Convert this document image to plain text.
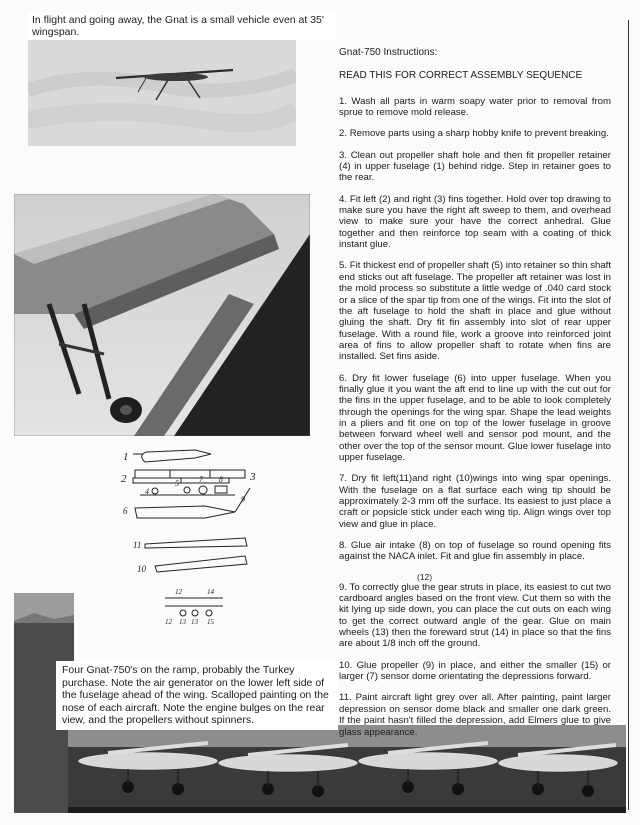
In flight and going away, the Gnat is a small vehicle even at 35' wingspan.
1
2	3
4
5	7 8
9
6
11
10
12	14
12 13 13 15
Four Gnat-750's on the ramp, probably the Turkey purchase. Note the air generator on the lower left side of the fuselage ahead of the wing. Scalloped painting on the nose of each aircraft. Note the engine bulges on the rear view, and the propellers without spinners.

Gnat-750 Instructions:

READ THIS FOR CORRECT ASSEMBLY SEQUENCE

1. Wash all parts in warm soapy water prior to removal from sprue to remove mold release.

2. Remove parts using a sharp hobby knife to prevent breaking.

3. Clean out propeller shaft hole and then fit propeller retainer (4) in upper fuselage (1) behind ridge. Step in retainer goes to the rear.

4. Fit left (2) and right (3) fins together. Hold over top drawing to make sure you have the right aft sweep to them, and overhead view to make sure your have the correct anhedral. Glue together and then reinforce top seam with a coating of thick instant glue.

5. Fit thickest end of propeller shaft (5) into retainer so thin shaft end sticks out aft fuselage. The propeller aft retainer was lost in the mold process so substitute a little wedge of .040 card stock or a slice of the spar tip from one of the wings. Fit into the slot of the aft fuselage to hold the shaft in place and glue without gluing the shaft. Dry fit fin assembly into slot of rear upper fuselage. With a round file, work a groove into reinforced joint area of fins to allow propeller shaft to rotate when fins are installed. Set fins aside.

6. Dry fit lower fuselage (6) into upper fuselage. When you finally glue it you want the aft end to line up with the cut out for the fins in the upper fuselage, and to be able to look completely through the openings for the wing spar. Shape the lead weights in a pliers and fit one on top of the lower fuselage in groove between forward wheel well and sensor pod mount, and the other over the top of the sensor mount. Glue lower fuselage into upper fuselage.

7. Dry fit left(11)and right (10)wings into wing spar openings. With the fuselage on a flat surface each wing tip should be approximately 2-3 mm off the surface. Its easiest to just place a craft or popsicle stick under each wing tip. Align wings over top view and glue in place.

8. Glue air intake (8) on top of fuselage so round opening fits against the NACA inlet. Fit and glue fin assembly in place.

(12)

9. To correctly glue the gear struts in place, its easiest to cut two cardboard angles based on the front view. Cut them so with the kit lying up side down, you can place the cut outs on each wing to get the correct outward angle of the gear. Glue on main wheels (13) then the foreward strut (14) in place so that the fins are about 1/8 inch off the ground.

10. Glue propeller (9) in place, and either the smaller (15) or larger (7) sensor dome orientating the depressions forward.

11. Paint aircraft light grey over all. After painting, paint larger depression on sensor dome black and smaller one dark green. If the paint hasn't filled the depression, add Elmers glue to give glass appearance.
